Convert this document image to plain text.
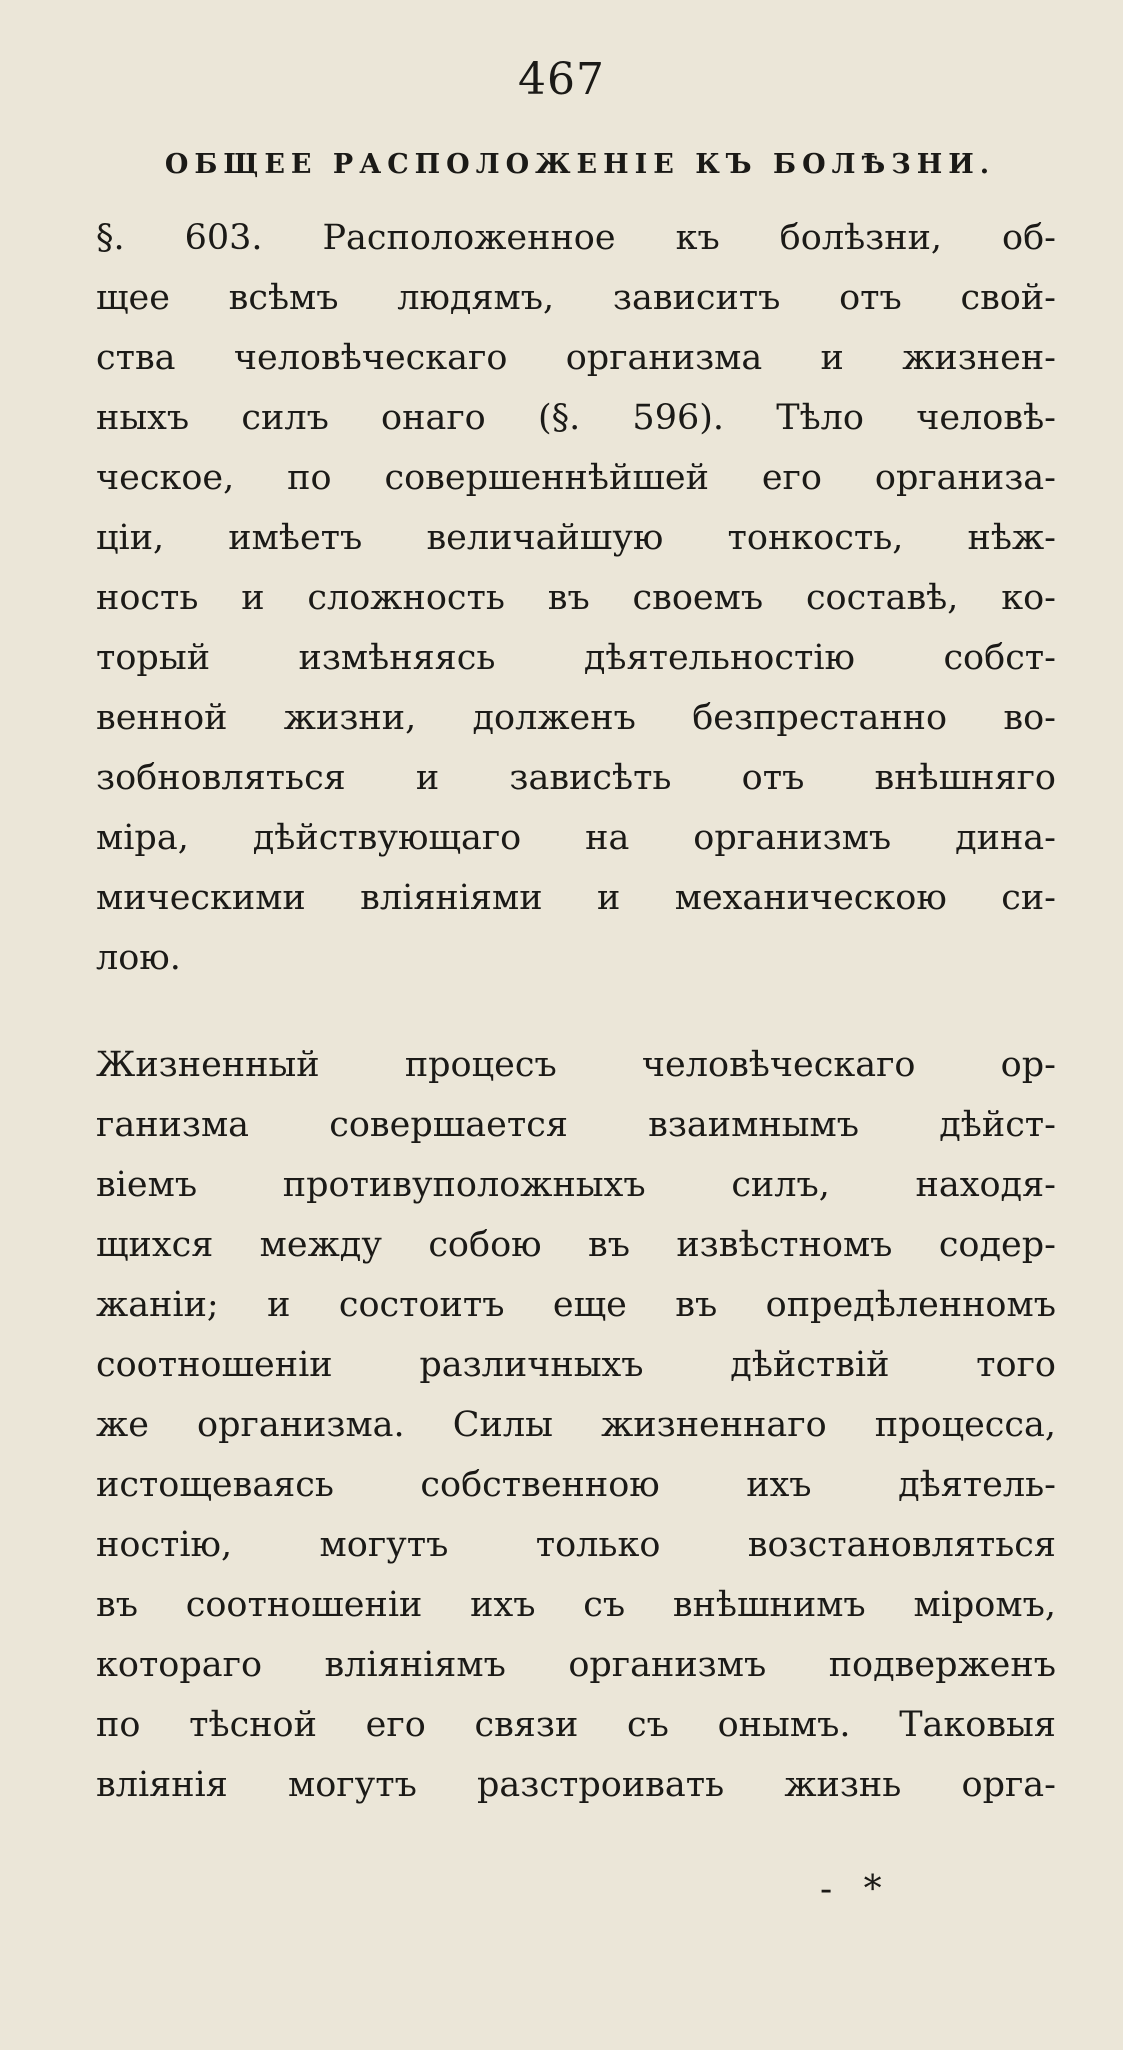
467
ОБЩЕЕ РАСПОЛОЖЕНІЕ КЪ БОЛѢЗНИ.
§. 603. Расположенное къ болѣзни, об-
щее всѣмъ людямъ, зависитъ отъ свой-
ства человѣческаго организма и жизнен-
ныхъ силъ онаго (§. 596). Тѣло человѣ-
ческое, по совершеннѣйшей его организа-
ціи, имѣетъ величайшую тонкость, нѣж-
ность и сложность въ своемъ составѣ, ко-
торый измѣняясь дѣятельностію собст-
венной жизни, долженъ безпрестанно во-
зобновляться и зависѣть отъ внѣшняго
міра, дѣйствующаго на организмъ дина-
мическими вліяніями и механическою си-
лою.
Жизненный процесъ человѣческаго ор-
ганизма совершается взаимнымъ дѣйст-
віемъ противуположныхъ силъ, находя-
щихся между собою въ извѣстномъ содер-
жаніи; и состоитъ еще въ опредѣленномъ
соотношеніи различныхъ дѣйствій того
же организма. Силы жизненнаго процесса,
истощеваясь собственною ихъ дѣятель-
ностію, могутъ только возстановляться
въ соотношеніи ихъ съ внѣшнимъ міромъ,
котораго вліяніямъ организмъ подверженъ
по тѣсной его связи съ онымъ. Таковыя
вліянія могутъ разстроивать жизнь орга-
- *
